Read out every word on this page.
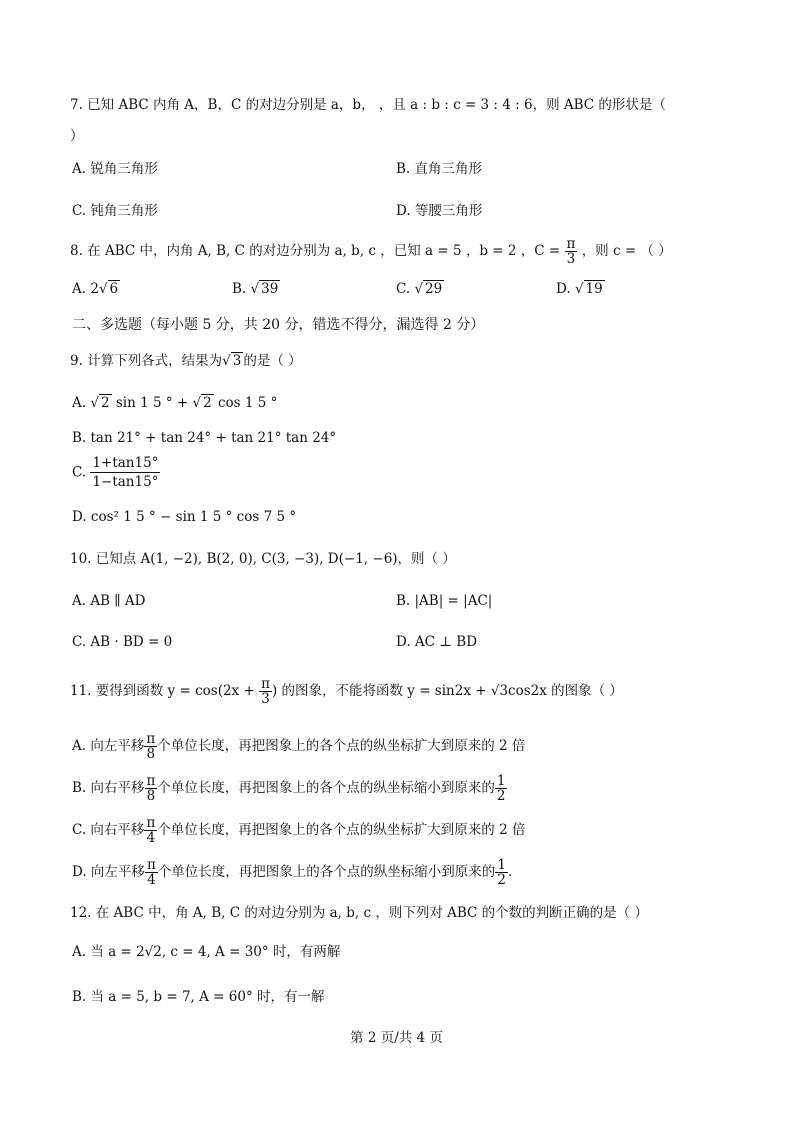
7. 已知 ABC 内角 A，B，C 的对边分别是 a，b， ，且 a : b : c = 3 : 4 : 6，则 ABC 的形状是（
）
A. 锐角三角形	B. 直角三角形
C. 钝角三角形	D. 等腰三角形
8. 在 ABC 中，内角 A, B, C 的对边分别为 a, b, c ，已知 a = 5 ，b = 2 ，$C = \frac{\pi}{3}$ ，则 c = （ ）
A. 2√ 6	B. √ 39	C. √ 29	D. √ 19
二、多选题（每小题 5 分，共 20 分，错选不得分，漏选得 2 分）
9. 计算下列各式，结果为√ 3 的是（ ）
A. √ 2 sin 1 5 ° + √ 2 cos 1 5 °
B. tan 21° + tan 24° + tan 21° tan 24°
C. $\frac{1+\tan 15^\circ}{1-\tan 15^\circ}$
D. cos² 1 5 ° − sin 1 5 ° cos 7 5 °
10. 已知点 A(1, −2), B(2, 0), C(3, −3), D(−1, −6)，则（ ）
A. AB ∥ AD	B. |AB| = |AC|
C. AB · BD = 0	D. AC ⊥ BD
11. 要得到函数 $y = \cos(2x + \frac{\pi}{3}$ ) 的图象，不能将函数 y = sin2x + √3cos2x 的图象（ ）
A. 向左平移 $\frac{\pi}{8}$ 个单位长度，再把图象上的各个点的纵坐标扩大到原来的 2 倍
B. 向右平移 $\frac{\pi}{8}$ 个单位长度，再把图象上的各个点的纵坐标缩小到原来的 $\frac{1}{2}$
C. 向右平移 $\frac{\pi}{4}$ 个单位长度，再把图象上的各个点的纵坐标扩大到原来的 2 倍
D. 向左平移 $\frac{\pi}{4}$ 个单位长度，再把图象上的各个点的纵坐标缩小到原来的 $\frac{1}{2}$ .
12. 在 ABC 中，角 A, B, C 的对边分别为 a, b, c ，则下列对 ABC 的个数的判断正确的是（ ）
A. 当 a = 2√2, c = 4, A = 30° 时，有两解
B. 当 a = 5, b = 7, A = 60° 时，有一解
第 2 页/共 4 页
